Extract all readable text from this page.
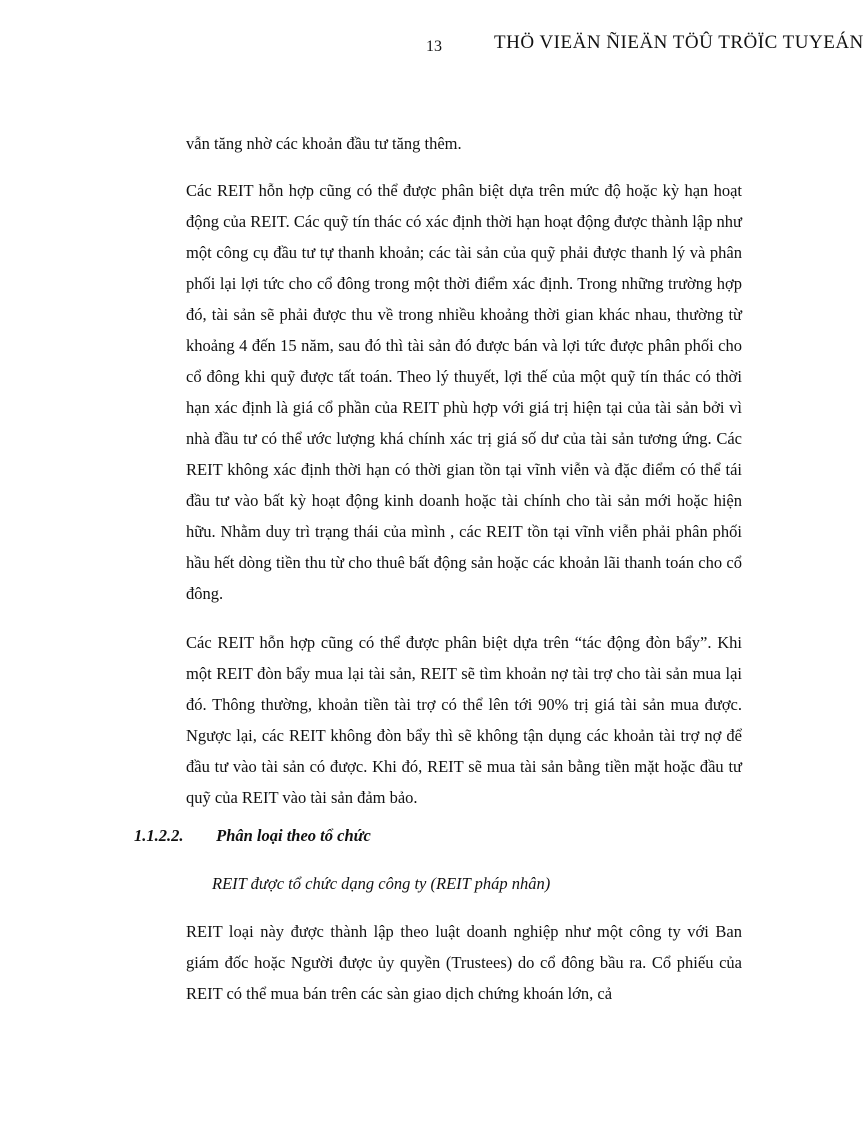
13	THÖ VIEÄN ÑIEÄN TÖÛ TRÖÏC TUYEÁN

vẫn tăng nhờ các khoản đầu tư tăng thêm.

Các REIT hỗn hợp cũng có thể được phân biệt dựa trên mức độ hoặc kỳ hạn hoạt động của REIT. Các quỹ tín thác có xác định thời hạn hoạt động được thành lập như một công cụ đầu tư tự thanh khoản; các tài sản của quỹ phải được thanh lý và phân phối lại lợi tức cho cổ đông trong một thời điểm xác định. Trong những trường hợp đó, tài sản sẽ phải được thu về trong nhiều khoảng thời gian khác nhau, thường từ khoảng 4 đến 15 năm, sau đó thì tài sản đó được bán và lợi tức được phân phối cho cổ đông khi quỹ được tất toán. Theo lý thuyết, lợi thế của một quỹ tín thác có thời hạn xác định là giá cổ phần của REIT phù hợp với giá trị hiện tại của tài sản bởi vì nhà đầu tư có thể ước lượng khá chính xác trị giá số dư của tài sản tương ứng. Các REIT không xác định thời hạn có thời gian tồn tại vĩnh viễn và đặc điểm có thể tái đầu tư vào bất kỳ hoạt động kinh doanh hoặc tài chính cho tài sản mới hoặc hiện hữu. Nhằm duy trì trạng thái của mình , các REIT tồn tại vĩnh viễn phải phân phối hầu hết dòng tiền thu từ cho thuê bất động sản hoặc các khoản lãi thanh toán cho cổ đông.

Các REIT hỗn hợp cũng có thể được phân biệt dựa trên “tác động đòn bẩy”. Khi một REIT đòn bẩy mua lại tài sản, REIT sẽ tìm khoản nợ tài trợ cho tài sản mua lại đó. Thông thường, khoản tiền tài trợ có thể lên tới 90% trị giá tài sản mua được. Ngược lại, các REIT không đòn bẩy thì sẽ không tận dụng các khoản tài trợ nợ để đầu tư vào tài sản có được. Khi đó, REIT sẽ mua tài sản bằng tiền mặt hoặc đầu tư quỹ của REIT vào tài sản đảm bảo.

1.1.2.2. Phân loại theo tổ chức
REIT được tổ chức dạng công ty (REIT pháp nhân)

REIT loại này được thành lập theo luật doanh nghiệp như một công ty với Ban giám đốc hoặc Người được ủy quyền (Trustees) do cổ đông bầu ra. Cổ phiếu của REIT có thể mua bán trên các sàn giao dịch chứng khoán lớn, cả
